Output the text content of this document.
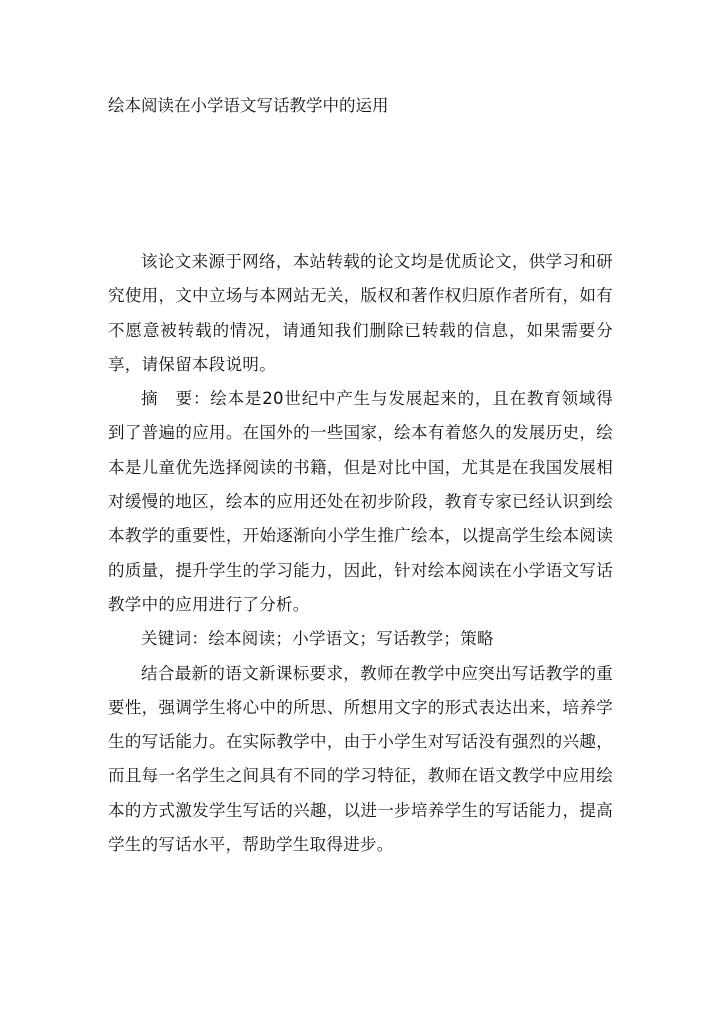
绘本阅读在小学语文写话教学中的运用

该论文来源于网络，本站转载的论文均是优质论文，供学习和研究使用，文中立场与本网站无关，版权和著作权归原作者所有，如有不愿意被转载的情况，请通知我们删除已转载的信息，如果需要分享，请保留本段说明。

摘　要：绘本是20世纪中产生与发展起来的，且在教育领域得到了普遍的应用。在国外的一些国家，绘本有着悠久的发展历史，绘本是儿童优先选择阅读的书籍，但是对比中国，尤其是在我国发展相对缓慢的地区，绘本的应用还处在初步阶段，教育专家已经认识到绘本教学的重要性，开始逐渐向小学生推广绘本，以提高学生绘本阅读的质量，提升学生的学习能力，因此，针对绘本阅读在小学语文写话教学中的应用进行了分析。

关键词：绘本阅读；小学语文；写话教学；策略

结合最新的语文新课标要求，教师在教学中应突出写话教学的重要性，强调学生将心中的所思、所想用文字的形式表达出来，培养学生的写话能力。在实际教学中，由于小学生对写话没有强烈的兴趣，而且每一名学生之间具有不同的学习特征，教师在语文教学中应用绘本的方式激发学生写话的兴趣，以进一步培养学生的写话能力，提高学生的写话水平，帮助学生取得进步。
